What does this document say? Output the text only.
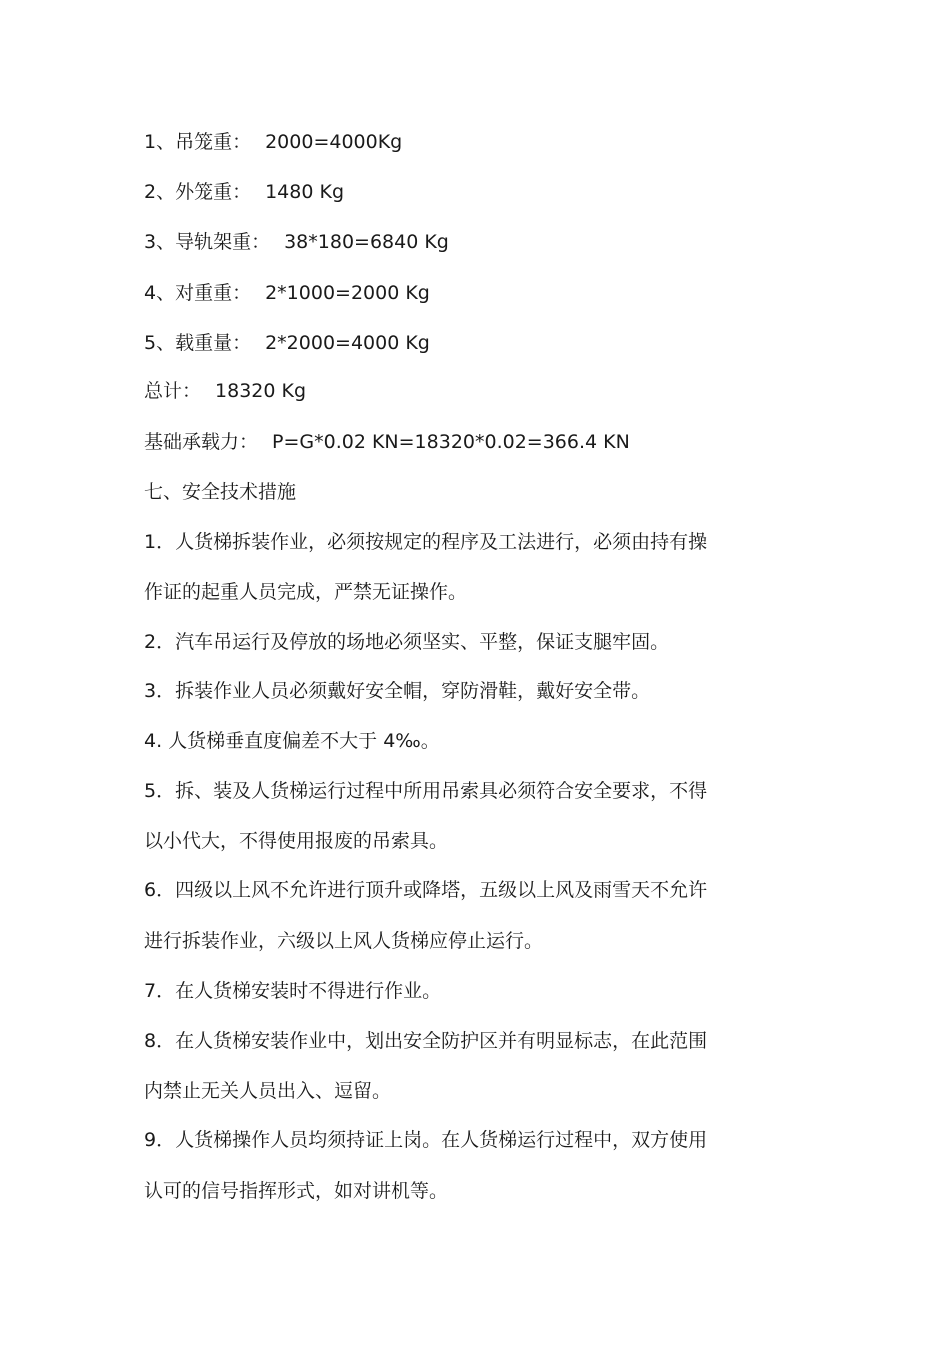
1、吊笼重： 2000=4000Kg
2、外笼重： 1480 Kg
3、导轨架重： 38*180=6840 Kg
4、对重重： 2*1000=2000 Kg
5、载重量： 2*2000=4000 Kg
总计： 18320 Kg
基础承载力： P=G*0.02 KN=18320*0.02=366.4 KN
七、安全技术措施
1．人货梯拆装作业，必须按规定的程序及工法进行，必须由持有操
作证的起重人员完成，严禁无证操作。
2．汽车吊运行及停放的场地必须坚实、平整，保证支腿牢固。
3．拆装作业人员必须戴好安全帽，穿防滑鞋，戴好安全带。
4. 人货梯垂直度偏差不大于 4‰。
5．拆、装及人货梯运行过程中所用吊索具必须符合安全要求，不得
以小代大，不得使用报废的吊索具。
6．四级以上风不允许进行顶升或降塔，五级以上风及雨雪天不允许
进行拆装作业，六级以上风人货梯应停止运行。
7．在人货梯安装时不得进行作业。
8．在人货梯安装作业中，划出安全防护区并有明显标志，在此范围
内禁止无关人员出入、逗留。
9．人货梯操作人员均须持证上岗。在人货梯运行过程中，双方使用
认可的信号指挥形式，如对讲机等。
